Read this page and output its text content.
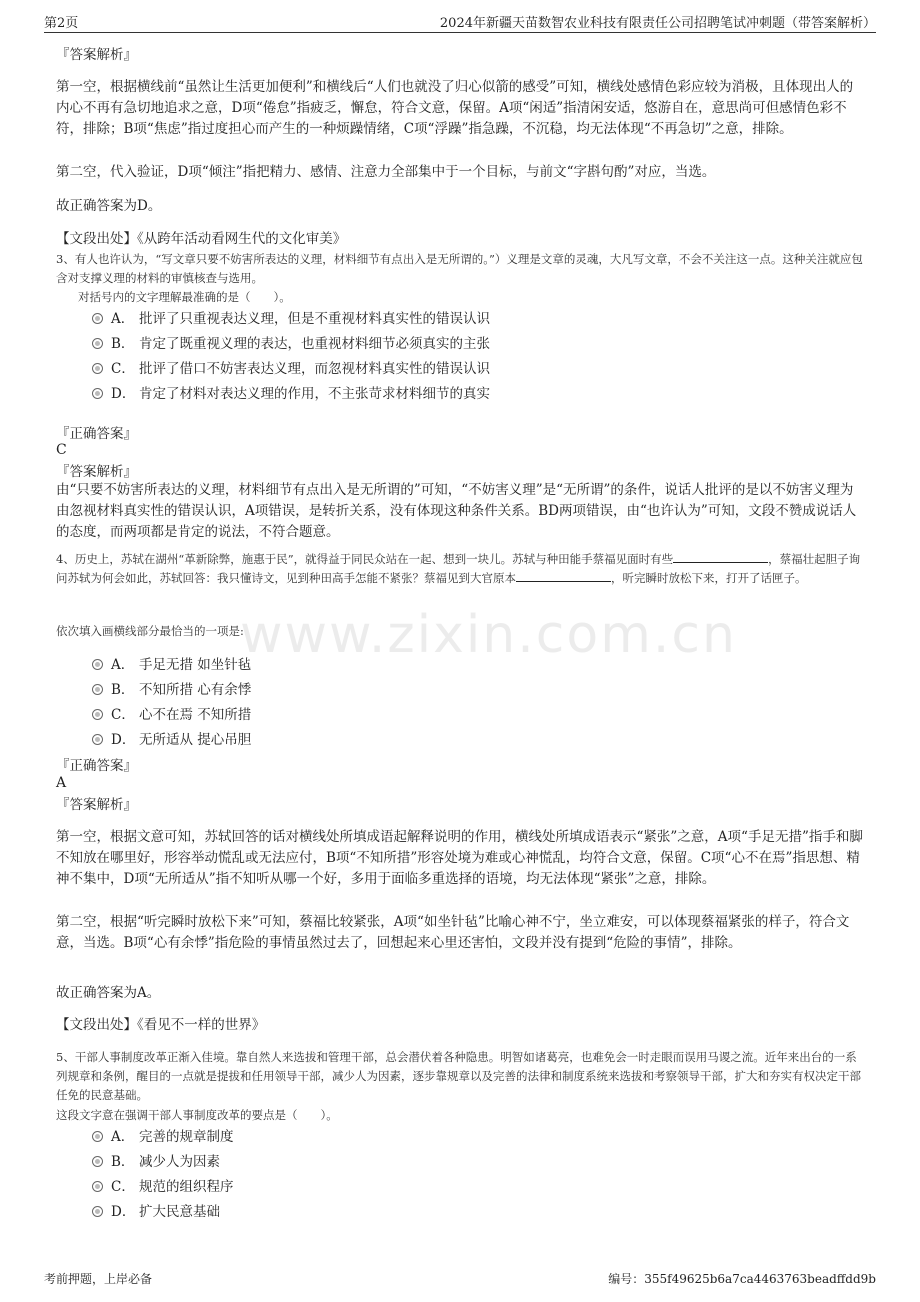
第2页	2024年新疆天苗数智农业科技有限责任公司招聘笔试冲刺题（带答案解析）
www.zixin.com.cn

『答案解析』

第一空，根据横线前“虽然让生活更加便利”和横线后“人们也就没了归心似箭的感受”可知，横线处感情色彩应较为消极，且体现出人的内心不再有急切地追求之意，D项“倦怠”指疲乏，懈怠，符合文意，保留。A项“闲适”指清闲安适，悠游自在，意思尚可但感情色彩不符，排除；B项“焦虑”指过度担心而产生的一种烦躁情绪，C项“浮躁”指急躁，不沉稳，均无法体现“不再急切”之意，排除。

第二空，代入验证，D项“倾注”指把精力、感情、注意力全部集中于一个目标，与前文“字斟句酌”对应，当选。

故正确答案为D。

【文段出处】《从跨年活动看网生代的文化审美》

3、有人也许认为，“写文章只要不妨害所表达的义理，材料细节有点出入是无所谓的。”）义理是文章的灵魂，大凡写文章，不会不关注这一点。这种关注就应包含对支撑义理的材料的审慎核查与选用。

对括号内的文字理解最准确的是（　　）。

A． 批评了只重视表达义理，但是不重视材料真实性的错误认识
B． 肯定了既重视义理的表达，也重视材料细节必须真实的主张
C． 批评了借口不妨害表达义理，而忽视材料真实性的错误认识
D． 肯定了材料对表达义理的作用，不主张苛求材料细节的真实

『正确答案』

C

『答案解析』

由“只要不妨害所表达的义理，材料细节有点出入是无所谓的”可知，“不妨害义理”是“无所谓”的条件，说话人批评的是以不妨害义理为由忽视材料真实性的错误认识，A项错误，是转折关系，没有体现这种条件关系。BD两项错误，由“也许认为”可知，文段不赞成说话人的态度，而两项都是肯定的说法，不符合题意。

4、历史上，苏轼在湖州“革新除弊，施惠于民”，就得益于同民众站在一起、想到一块儿。苏轼与种田能手蔡福见面时有些	，蔡福壮起胆子询问苏轼为何会如此，苏轼回答：我只懂诗文，见到种田高手怎能不紧张？蔡福见到大官原本	，听完瞬时放松下来，打开了话匣子。

依次填入画横线部分最恰当的一项是:

A． 手足无措 如坐针毡
B． 不知所措 心有余悸
C． 心不在焉 不知所措
D． 无所适从 提心吊胆

『正确答案』

A

『答案解析』

第一空，根据文意可知，苏轼回答的话对横线处所填成语起解释说明的作用，横线处所填成语表示“紧张”之意，A项“手足无措”指手和脚不知放在哪里好，形容举动慌乱或无法应付，B项“不知所措”形容处境为难或心神慌乱，均符合文意，保留。C项“心不在焉”指思想、精神不集中，D项“无所适从”指不知听从哪一个好，多用于面临多重选择的语境，均无法体现“紧张”之意，排除。

第二空，根据“听完瞬时放松下来”可知，蔡福比较紧张，A项“如坐针毡”比喻心神不宁，坐立难安，可以体现蔡福紧张的样子，符合文意，当选。B项“心有余悸”指危险的事情虽然过去了，回想起来心里还害怕，文段并没有提到“危险的事情”，排除。

故正确答案为A。

【文段出处】《看见不一样的世界》

5、干部人事制度改革正渐入佳境。靠自然人来选拔和管理干部，总会潜伏着各种隐患。明智如诸葛亮，也难免会一时走眼而误用马谡之流。近年来出台的一系列规章和条例，醒目的一点就是提拔和任用领导干部，减少人为因素，逐步靠规章以及完善的法律和制度系统来选拔和考察领导干部，扩大和夯实有权决定干部任免的民意基础。

这段文字意在强调干部人事制度改革的要点是（　　）。

A． 完善的规章制度
B． 减少人为因素
C． 规范的组织程序
D． 扩大民意基础
考前押题，上岸必备	编号：355f49625b6a7ca4463763beadffdd9b
